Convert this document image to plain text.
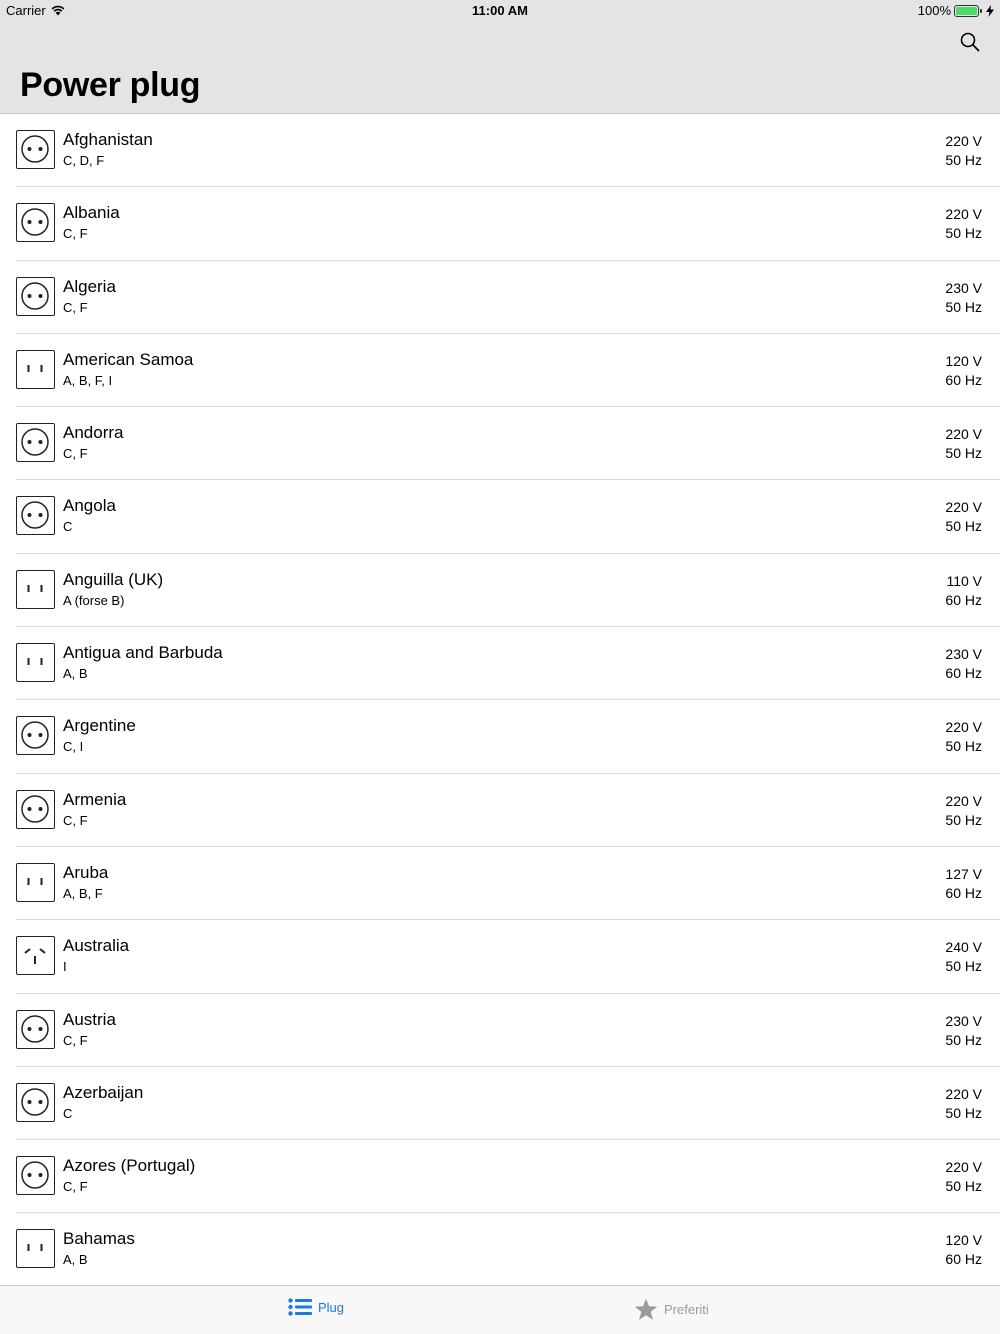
Carrier	11:00 AM	100%
Power plug
Afghanistan
C, D, F
220 V
50 Hz
Albania
C, F
220 V
50 Hz
Algeria
C, F
230 V
50 Hz
American Samoa
A, B, F, I
120 V
60 Hz
Andorra
C, F
220 V
50 Hz
Angola
C
220 V
50 Hz
Anguilla (UK)
A (forse B)
110 V
60 Hz
Antigua and Barbuda
A, B
230 V
60 Hz
Argentine
C, I
220 V
50 Hz
Armenia
C, F
220 V
50 Hz
Aruba
A, B, F
127 V
60 Hz
Australia
I
240 V
50 Hz
Austria
C, F
230 V
50 Hz
Azerbaijan
C
220 V
50 Hz
Azores (Portugal)
C, F
220 V
50 Hz
Bahamas
A, B
120 V
60 Hz
Plug	Preferiti
